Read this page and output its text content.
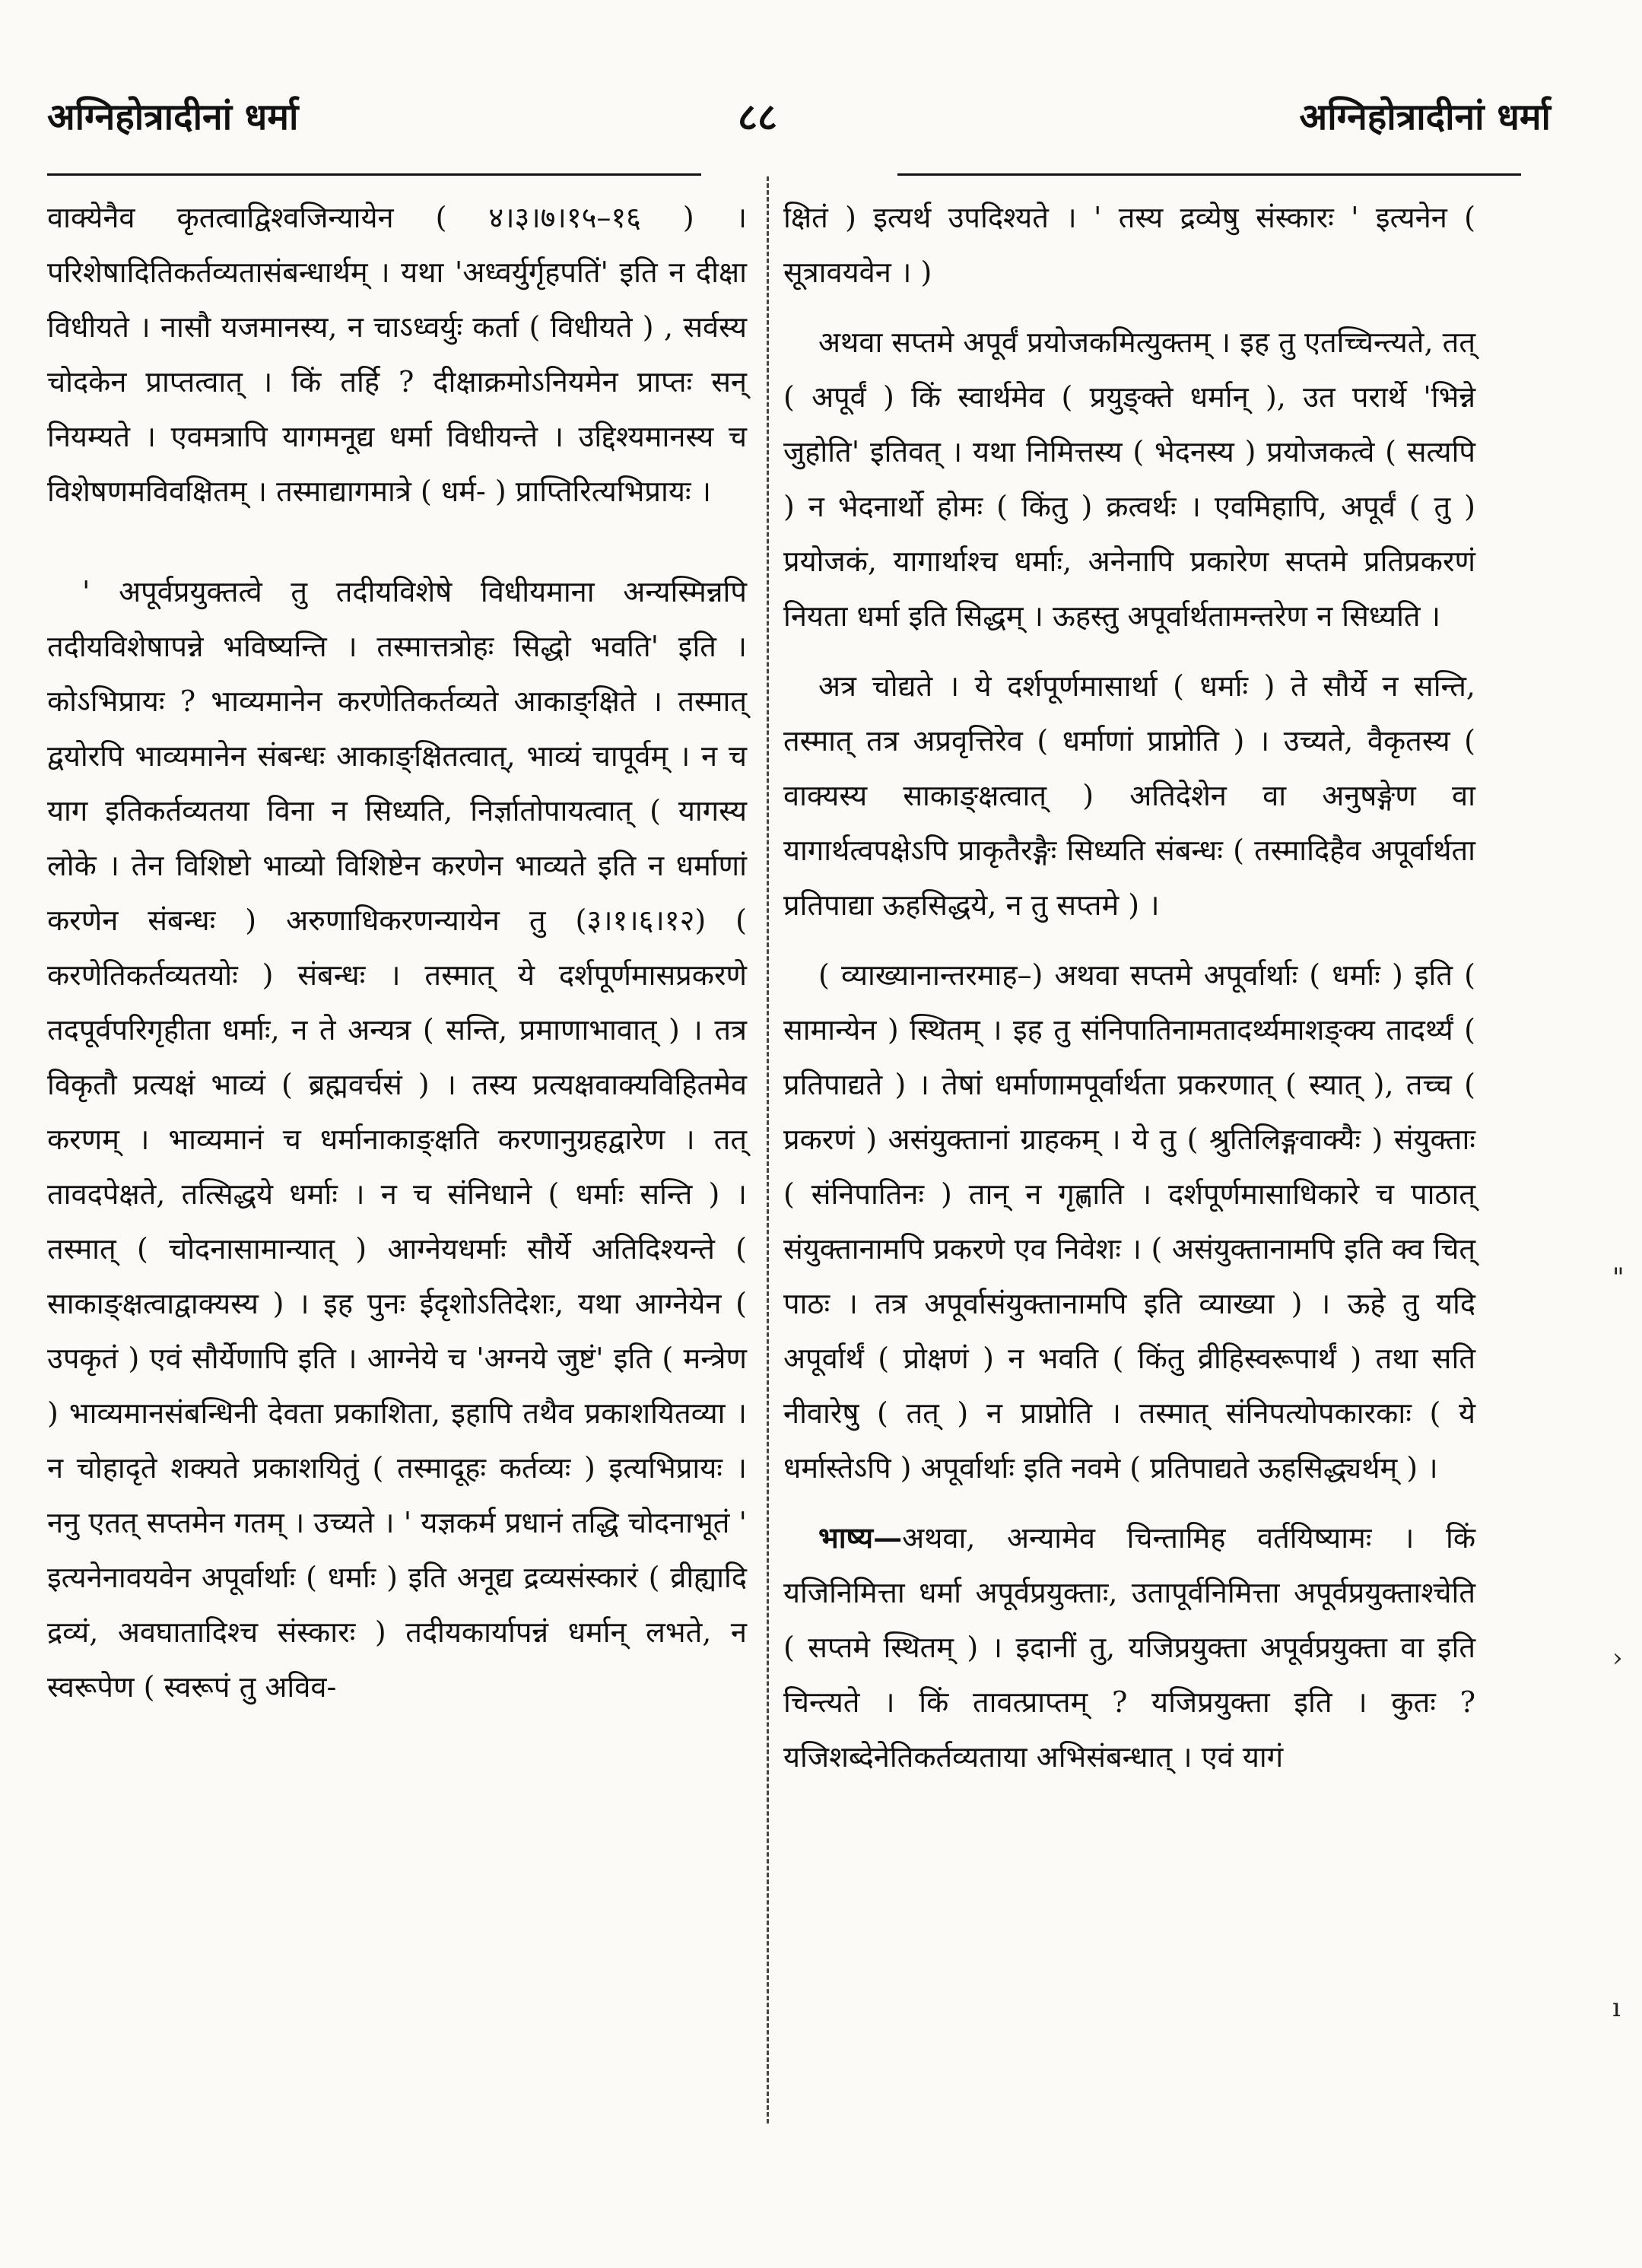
अग्निहोत्रादीनां धर्मा	८८	अग्निहोत्रादीनां धर्मा

वाक्येनैव कृतत्वाद्विश्वजिन्यायेन ( ४।३।७।१५–१६ ) । परिशेषादितिकर्तव्यतासंबन्धार्थम् । यथा 'अध्वर्युर्गृहपतिं' इति न दीक्षा विधीयते । नासौ यजमानस्य, न चाऽध्वर्युः कर्ता ( विधीयते ) , सर्वस्य चोदकेन प्राप्तत्वात् । किं तर्हि ? दीक्षाक्रमोऽनियमेन प्राप्तः सन् नियम्यते । एवमत्रापि यागमनूद्य धर्मा विधीयन्ते । उद्दिश्यमानस्य च विशेषणमविवक्षितम् । तस्माद्यागमात्रे ( धर्म- ) प्राप्तिरित्यभिप्रायः ।

' अपूर्वप्रयुक्तत्वे तु तदीयविशेषे विधीयमाना अन्यस्मिन्नपि तदीयविशेषापन्ने भविष्यन्ति । तस्मात्तत्रोहः सिद्धो भवति' इति । कोऽभिप्रायः ? भाव्यमानेन करणेतिकर्तव्यते आकाङ्क्षिते । तस्मात् द्वयोरपि भाव्यमानेन संबन्धः आकाङ्क्षितत्वात्, भाव्यं चापूर्वम् । न च याग इतिकर्तव्यतया विना न सिध्यति, निर्ज्ञातोपायत्वात् ( यागस्य लोके । तेन विशिष्टो भाव्यो विशिष्टेन करणेन भाव्यते इति न धर्माणां करणेन संबन्धः ) अरुणाधिकरणन्यायेन तु (३।१।६।१२) ( करणेतिकर्तव्यतयोः ) संबन्धः । तस्मात् ये दर्शपूर्णमासप्रकरणे तदपूर्वपरिगृहीता धर्माः, न ते अन्यत्र ( सन्ति, प्रमाणाभावात् ) । तत्र विकृतौ प्रत्यक्षं भाव्यं ( ब्रह्मवर्चसं ) । तस्य प्रत्यक्षवाक्यविहितमेव करणम् । भाव्यमानं च धर्मानाकाङ्क्षति करणानुग्रहद्वारेण । तत् तावदपेक्षते, तत्सिद्धये धर्माः । न च संनिधाने ( धर्माः सन्ति ) । तस्मात् ( चोदनासामान्यात् ) आग्नेयधर्माः सौर्ये अतिदिश्यन्ते ( साकाङ्क्षत्वाद्वाक्यस्य ) । इह पुनः ईदृशोऽतिदेशः, यथा आग्नेयेन ( उपकृतं ) एवं सौर्येणापि इति । आग्नेये च 'अग्नये जुष्टं' इति ( मन्त्रेण ) भाव्यमानसंबन्धिनी देवता प्रकाशिता, इहापि तथैव प्रकाशयितव्या । न चोहादृते शक्यते प्रकाशयितुं ( तस्मादूहः कर्तव्यः ) इत्यभिप्रायः । ननु एतत् सप्तमेन गतम् । उच्यते । ' यज्ञकर्म प्रधानं तद्धि चोदनाभूतं ' इत्यनेनावयवेन अपूर्वार्थाः ( धर्माः ) इति अनूद्य द्रव्यसंस्कारं ( व्रीह्यादि द्रव्यं, अवघातादिश्च संस्कारः ) तदीयकार्यापन्नं धर्मान् लभते, न स्वरूपेण ( स्वरूपं तु अविव-

क्षितं ) इत्यर्थ उपदिश्यते । ' तस्य द्रव्येषु संस्कारः ' इत्यनेन ( सूत्रावयवेन । )

अथवा सप्तमे अपूर्वं प्रयोजकमित्युक्तम् । इह तु एतच्चिन्त्यते, तत् ( अपूर्वं ) किं स्वार्थमेव ( प्रयुङ्क्ते धर्मान् ), उत परार्थे 'भिन्ने जुहोति' इतिवत् । यथा निमित्तस्य ( भेदनस्य ) प्रयोजकत्वे ( सत्यपि ) न भेदनार्थो होमः ( किंतु ) क्रत्वर्थः । एवमिहापि, अपूर्वं ( तु ) प्रयोजकं, यागार्थाश्च धर्माः, अनेनापि प्रकारेण सप्तमे प्रतिप्रकरणं नियता धर्मा इति सिद्धम् । ऊहस्तु अपूर्वार्थतामन्तरेण न सिध्यति ।

अत्र चोद्यते । ये दर्शपूर्णमासार्था ( धर्माः ) ते सौर्ये न सन्ति, तस्मात् तत्र अप्रवृत्तिरेव ( धर्माणां प्राप्नोति ) । उच्यते, वैकृतस्य ( वाक्यस्य साकाङ्क्षत्वात् ) अतिदेशेन वा अनुषङ्गेण वा यागार्थत्वपक्षेऽपि प्राकृतैरङ्गैः सिध्यति संबन्धः ( तस्मादिहैव अपूर्वार्थता प्रतिपाद्या ऊहसिद्धये, न तु सप्तमे ) ।

( व्याख्यानान्तरमाह–) अथवा सप्तमे अपूर्वार्थाः ( धर्माः ) इति ( सामान्येन ) स्थितम् । इह तु संनिपातिनामतादर्थ्यमाशङ्क्य तादर्थ्यं ( प्रतिपाद्यते ) । तेषां धर्माणामपूर्वार्थता प्रकरणात् ( स्यात् ), तच्च ( प्रकरणं ) असंयुक्तानां ग्राहकम् । ये तु ( श्रुतिलिङ्गवाक्यैः ) संयुक्ताः ( संनिपातिनः ) तान् न गृह्णाति । दर्शपूर्णमासाधिकारे च पाठात् संयुक्तानामपि प्रकरणे एव निवेशः । ( असंयुक्तानामपि इति क्व चित् पाठः । तत्र अपूर्वासंयुक्तानामपि इति व्याख्या ) । ऊहे तु यदि अपूर्वार्थं ( प्रोक्षणं ) न भवति ( किंतु व्रीहिस्वरूपार्थं ) तथा सति नीवारेषु ( तत् ) न प्राप्नोति । तस्मात् संनिपत्योपकारकाः ( ये धर्मास्तेऽपि ) अपूर्वार्थाः इति नवमे ( प्रतिपाद्यते ऊहसिद्ध्यर्थम् ) ।

भाष्य—अथवा, अन्यामेव चिन्तामिह वर्तयिष्यामः । किं यजिनिमित्ता धर्मा अपूर्वप्रयुक्ताः, उतापूर्वनिमित्ता अपूर्वप्रयुक्ताश्चेति ( सप्तमे स्थितम् ) । इदानीं तु, यजिप्रयुक्ता अपूर्वप्रयुक्ता वा इति चिन्त्यते । किं तावत्प्राप्तम् ? यजिप्रयुक्ता इति । कुतः ? यजिशब्देनेतिकर्तव्यताया अभिसंबन्धात् । एवं यागं

"
›
ı
